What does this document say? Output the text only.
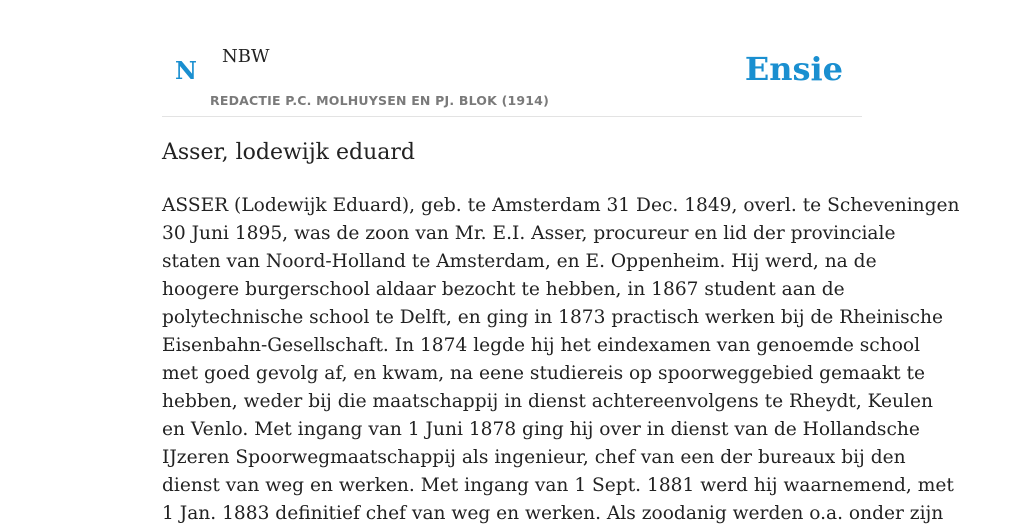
N NBW
REDACTIE P.C. MOLHUYSEN EN PJ. BLOK (1914)
Ensie
Asser, lodewijk eduard
ASSER (Lodewijk Eduard), geb. te Amsterdam 31 Dec. 1849, overl. te Scheveningen
30 Juni 1895, was de zoon van Mr. E.I. Asser, procureur en lid der provinciale
staten van Noord-Holland te Amsterdam, en E. Oppenheim. Hij werd, na de
hoogere burgerschool aldaar bezocht te hebben, in 1867 student aan de
polytechnische school te Delft, en ging in 1873 practisch werken bij de Rheinische
Eisenbahn-Gesellschaft. In 1874 legde hij het eindexamen van genoemde school
met goed gevolg af, en kwam, na eene studiereis op spoorweggebied gemaakt te
hebben, weder bij die maatschappij in dienst achtereenvolgens te Rheydt, Keulen
en Venlo. Met ingang van 1 Juni 1878 ging hij over in dienst van de Hollandsche
IJzeren Spoorwegmaatschappij als ingenieur, chef van een der bureaux bij den
dienst van weg en werken. Met ingang van 1 Sept. 1881 werd hij waarnemend, met
1 Jan. 1883 definitief chef van weg en werken. Als zoodanig werden o.a. onder zijn
